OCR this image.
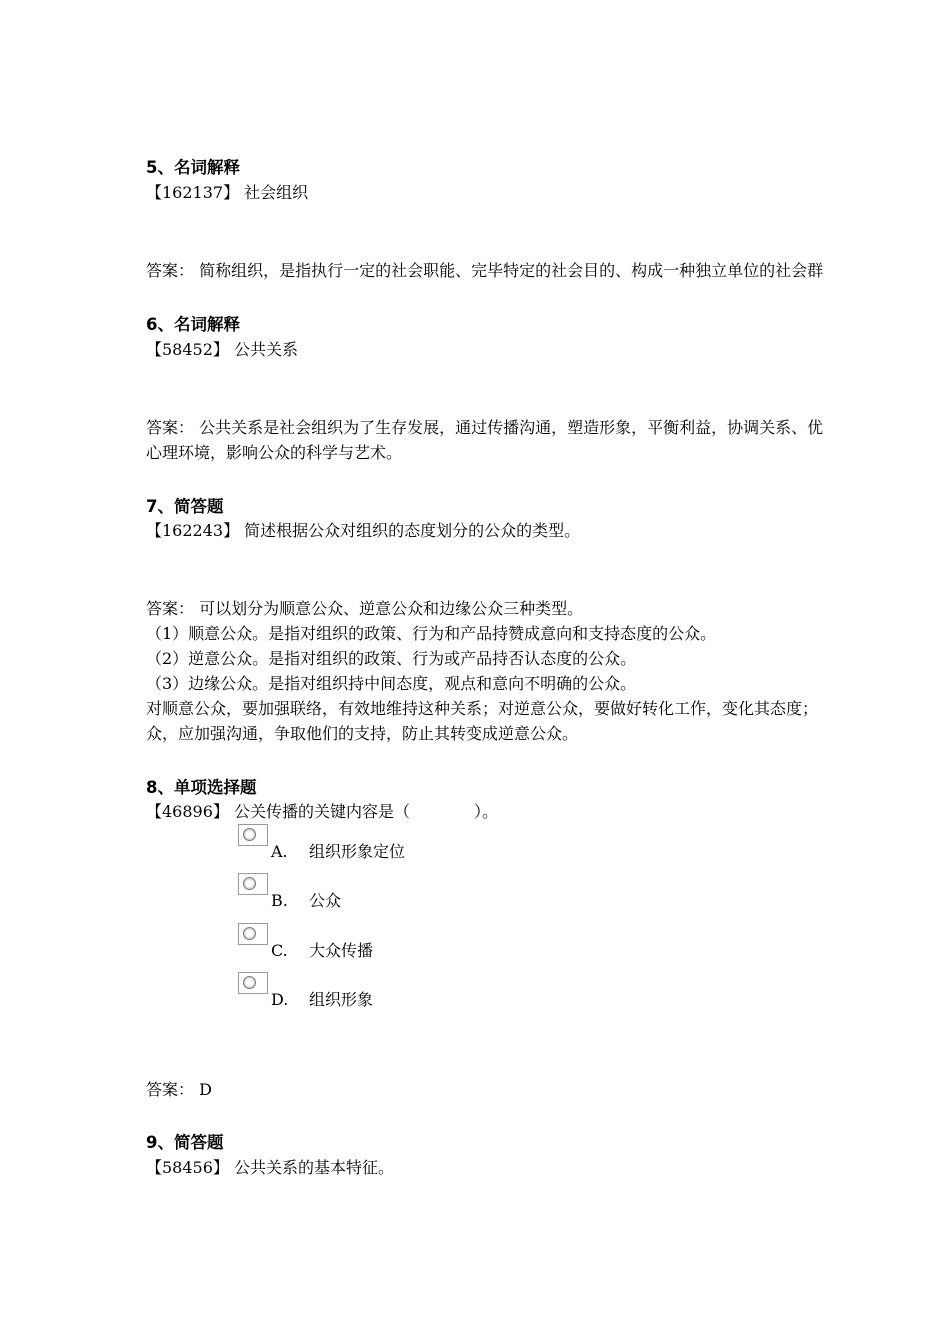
5、名词解释
【162137】 社会组织
答案： 简称组织，是指执行一定的社会职能、完毕特定的社会目的、构成一种独立单位的社会群
6、名词解释
【58452】 公共关系
答案： 公共关系是社会组织为了生存发展，通过传播沟通，塑造形象，平衡利益，协调关系、优
心理环境，影响公众的科学与艺术。
7、简答题
【162243】 简述根据公众对组织的态度划分的公众的类型。
答案： 可以划分为顺意公众、逆意公众和边缘公众三种类型。
（1）顺意公众。是指对组织的政策、行为和产品持赞成意向和支持态度的公众。
（2）逆意公众。是指对组织的政策、行为或产品持否认态度的公众。
（3）边缘公众。是指对组织持中间态度，观点和意向不明确的公众。
对顺意公众，要加强联络，有效地维持这种关系；对逆意公众，要做好转化工作，变化其态度；
众，应加强沟通，争取他们的支持，防止其转变成逆意公众。
8、单项选择题
【46896】 公关传播的关键内容是（　　　　）。
A. 组织形象定位
B. 公众
C. 大众传播
D. 组织形象
答案： D
9、简答题
【58456】 公共关系的基本特征。
